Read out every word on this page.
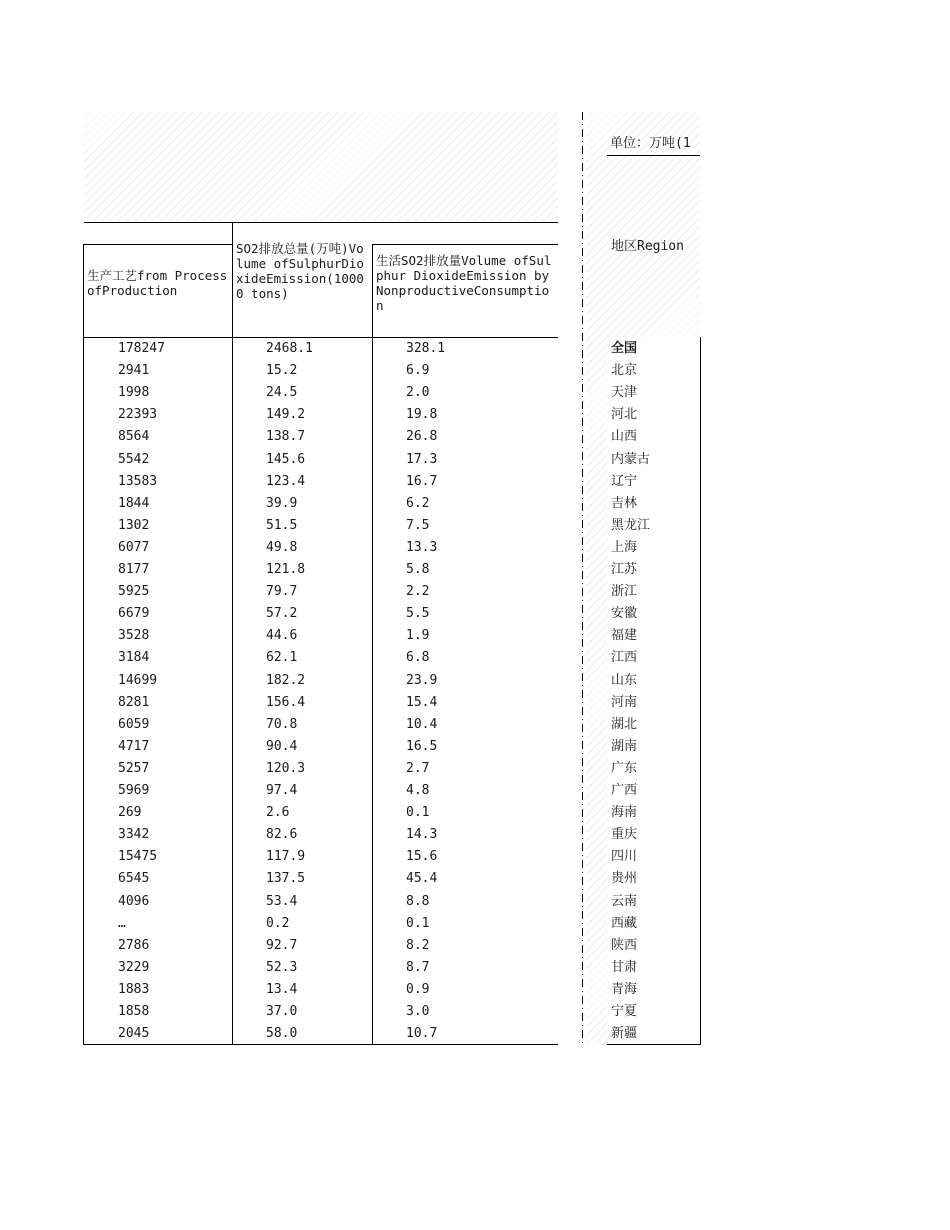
单位：万吨(1
生产工艺from ProcessofProduction
SO2排放总量(万吨)Volume ofSulphurDioxideEmission(10000 tons)
生活SO2排放量Volume ofSulphur DioxideEmission byNonproductiveConsumption
地区Region
178247	2468.1	328.1	全国
2941	15.2	6.9	北京
1998	24.5	2.0	天津
22393	149.2	19.8	河北
8564	138.7	26.8	山西
5542	145.6	17.3	内蒙古
13583	123.4	16.7	辽宁
1844	39.9	6.2	吉林
1302	51.5	7.5	黑龙江
6077	49.8	13.3	上海
8177	121.8	5.8	江苏
5925	79.7	2.2	浙江
6679	57.2	5.5	安徽
3528	44.6	1.9	福建
3184	62.1	6.8	江西
14699	182.2	23.9	山东
8281	156.4	15.4	河南
6059	70.8	10.4	湖北
4717	90.4	16.5	湖南
5257	120.3	2.7	广东
5969	97.4	4.8	广西
269	2.6	0.1	海南
3342	82.6	14.3	重庆
15475	117.9	15.6	四川
6545	137.5	45.4	贵州
4096	53.4	8.8	云南
…	0.2	0.1	西藏
2786	92.7	8.2	陕西
3229	52.3	8.7	甘肃
1883	13.4	0.9	青海
1858	37.0	3.0	宁夏
2045	58.0	10.7	新疆
